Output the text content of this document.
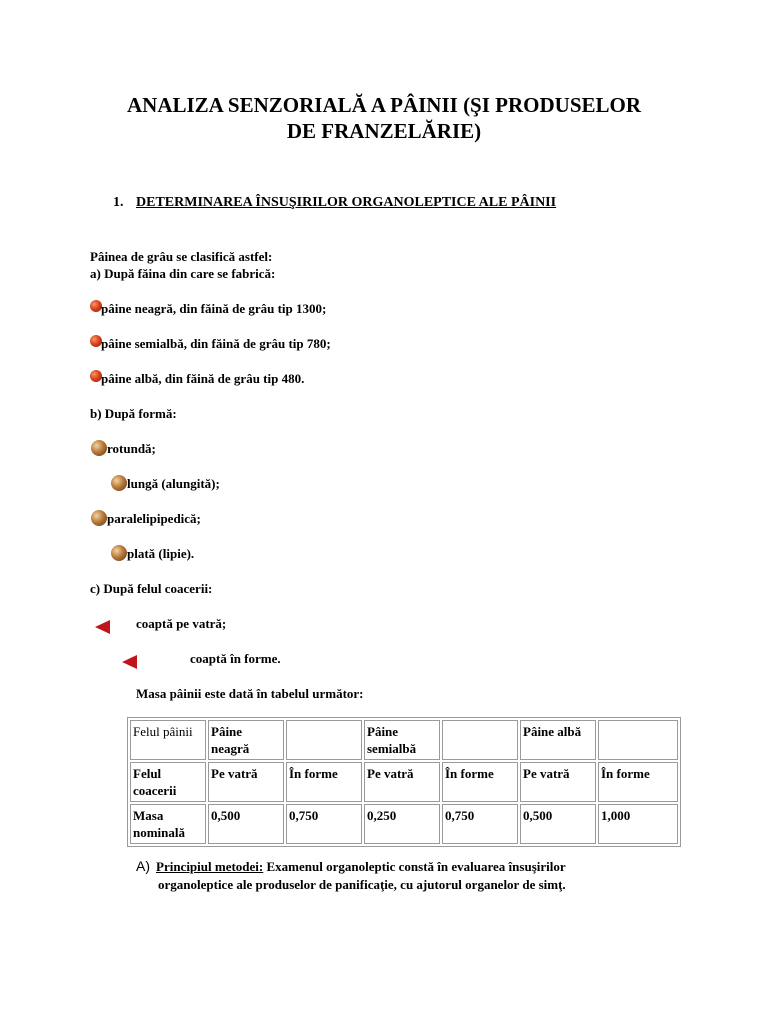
ANALIZA SENZORIALĂ A PÂINII (ŞI PRODUSELOR
DE FRANZELĂRIE)
1. DETERMINAREA ÎNSUŞIRILOR ORGANOLEPTICE ALE PÂINII
Pâinea de grâu se clasifică astfel:
a) După făina din care se fabrică:
pâine neagră, din făină de grâu tip 1300;
pâine semialbă, din făină de grâu tip 780;
pâine albă, din făină de grâu tip 480.
b) După formă:
rotundă;
lungă (alungită);
paralelipipedică;
plată (lipie).
c) După felul coacerii:
coaptă pe vatră;
coaptă în forme.
Masa pâinii este dată în tabelul următor:
Felul pâinii	Pâine neagră		Pâine semialbă		Pâine albă	
Felul coacerii	Pe vatră	În forme	Pe vatră	În forme	Pe vatră	În forme
Masa nominală	0,500	0,750	0,250	0,750	0,500	1,000
A) Principiul metodei: Examenul organoleptic constă în evaluarea însuşirilor
organoleptice ale produselor de panificaţie, cu ajutorul organelor de simţ.
